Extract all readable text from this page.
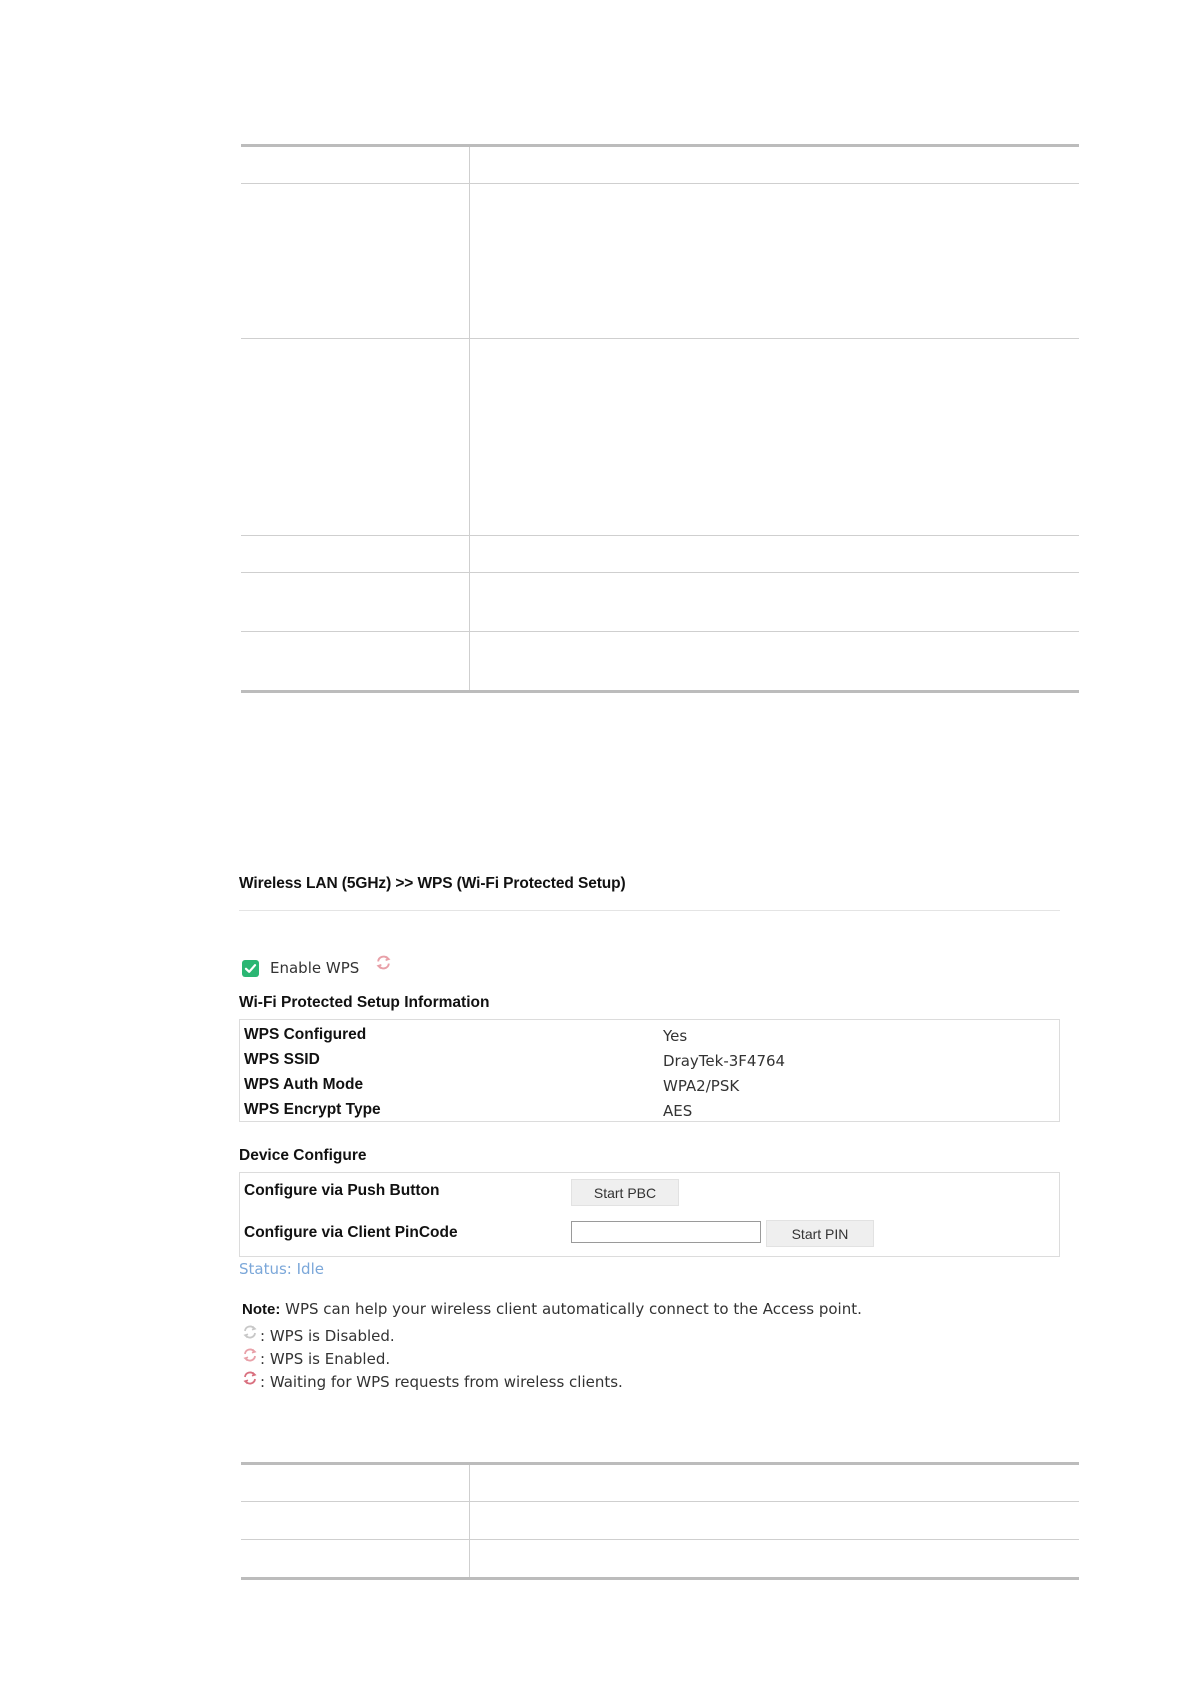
Wireless LAN (5GHz) >> WPS (Wi-Fi Protected Setup)
Enable WPS
Wi-Fi Protected Setup Information
WPS Configured	Yes
WPS SSID	DrayTek-3F4764
WPS Auth Mode	WPA2/PSK
WPS Encrypt Type	AES
Device Configure
Configure via Push Button	Start PBC
Configure via Client PinCode	Start PIN
Status: Idle
Note: WPS can help your wireless client automatically connect to the Access point.
: WPS is Disabled.
: WPS is Enabled.
: Waiting for WPS requests from wireless clients.
